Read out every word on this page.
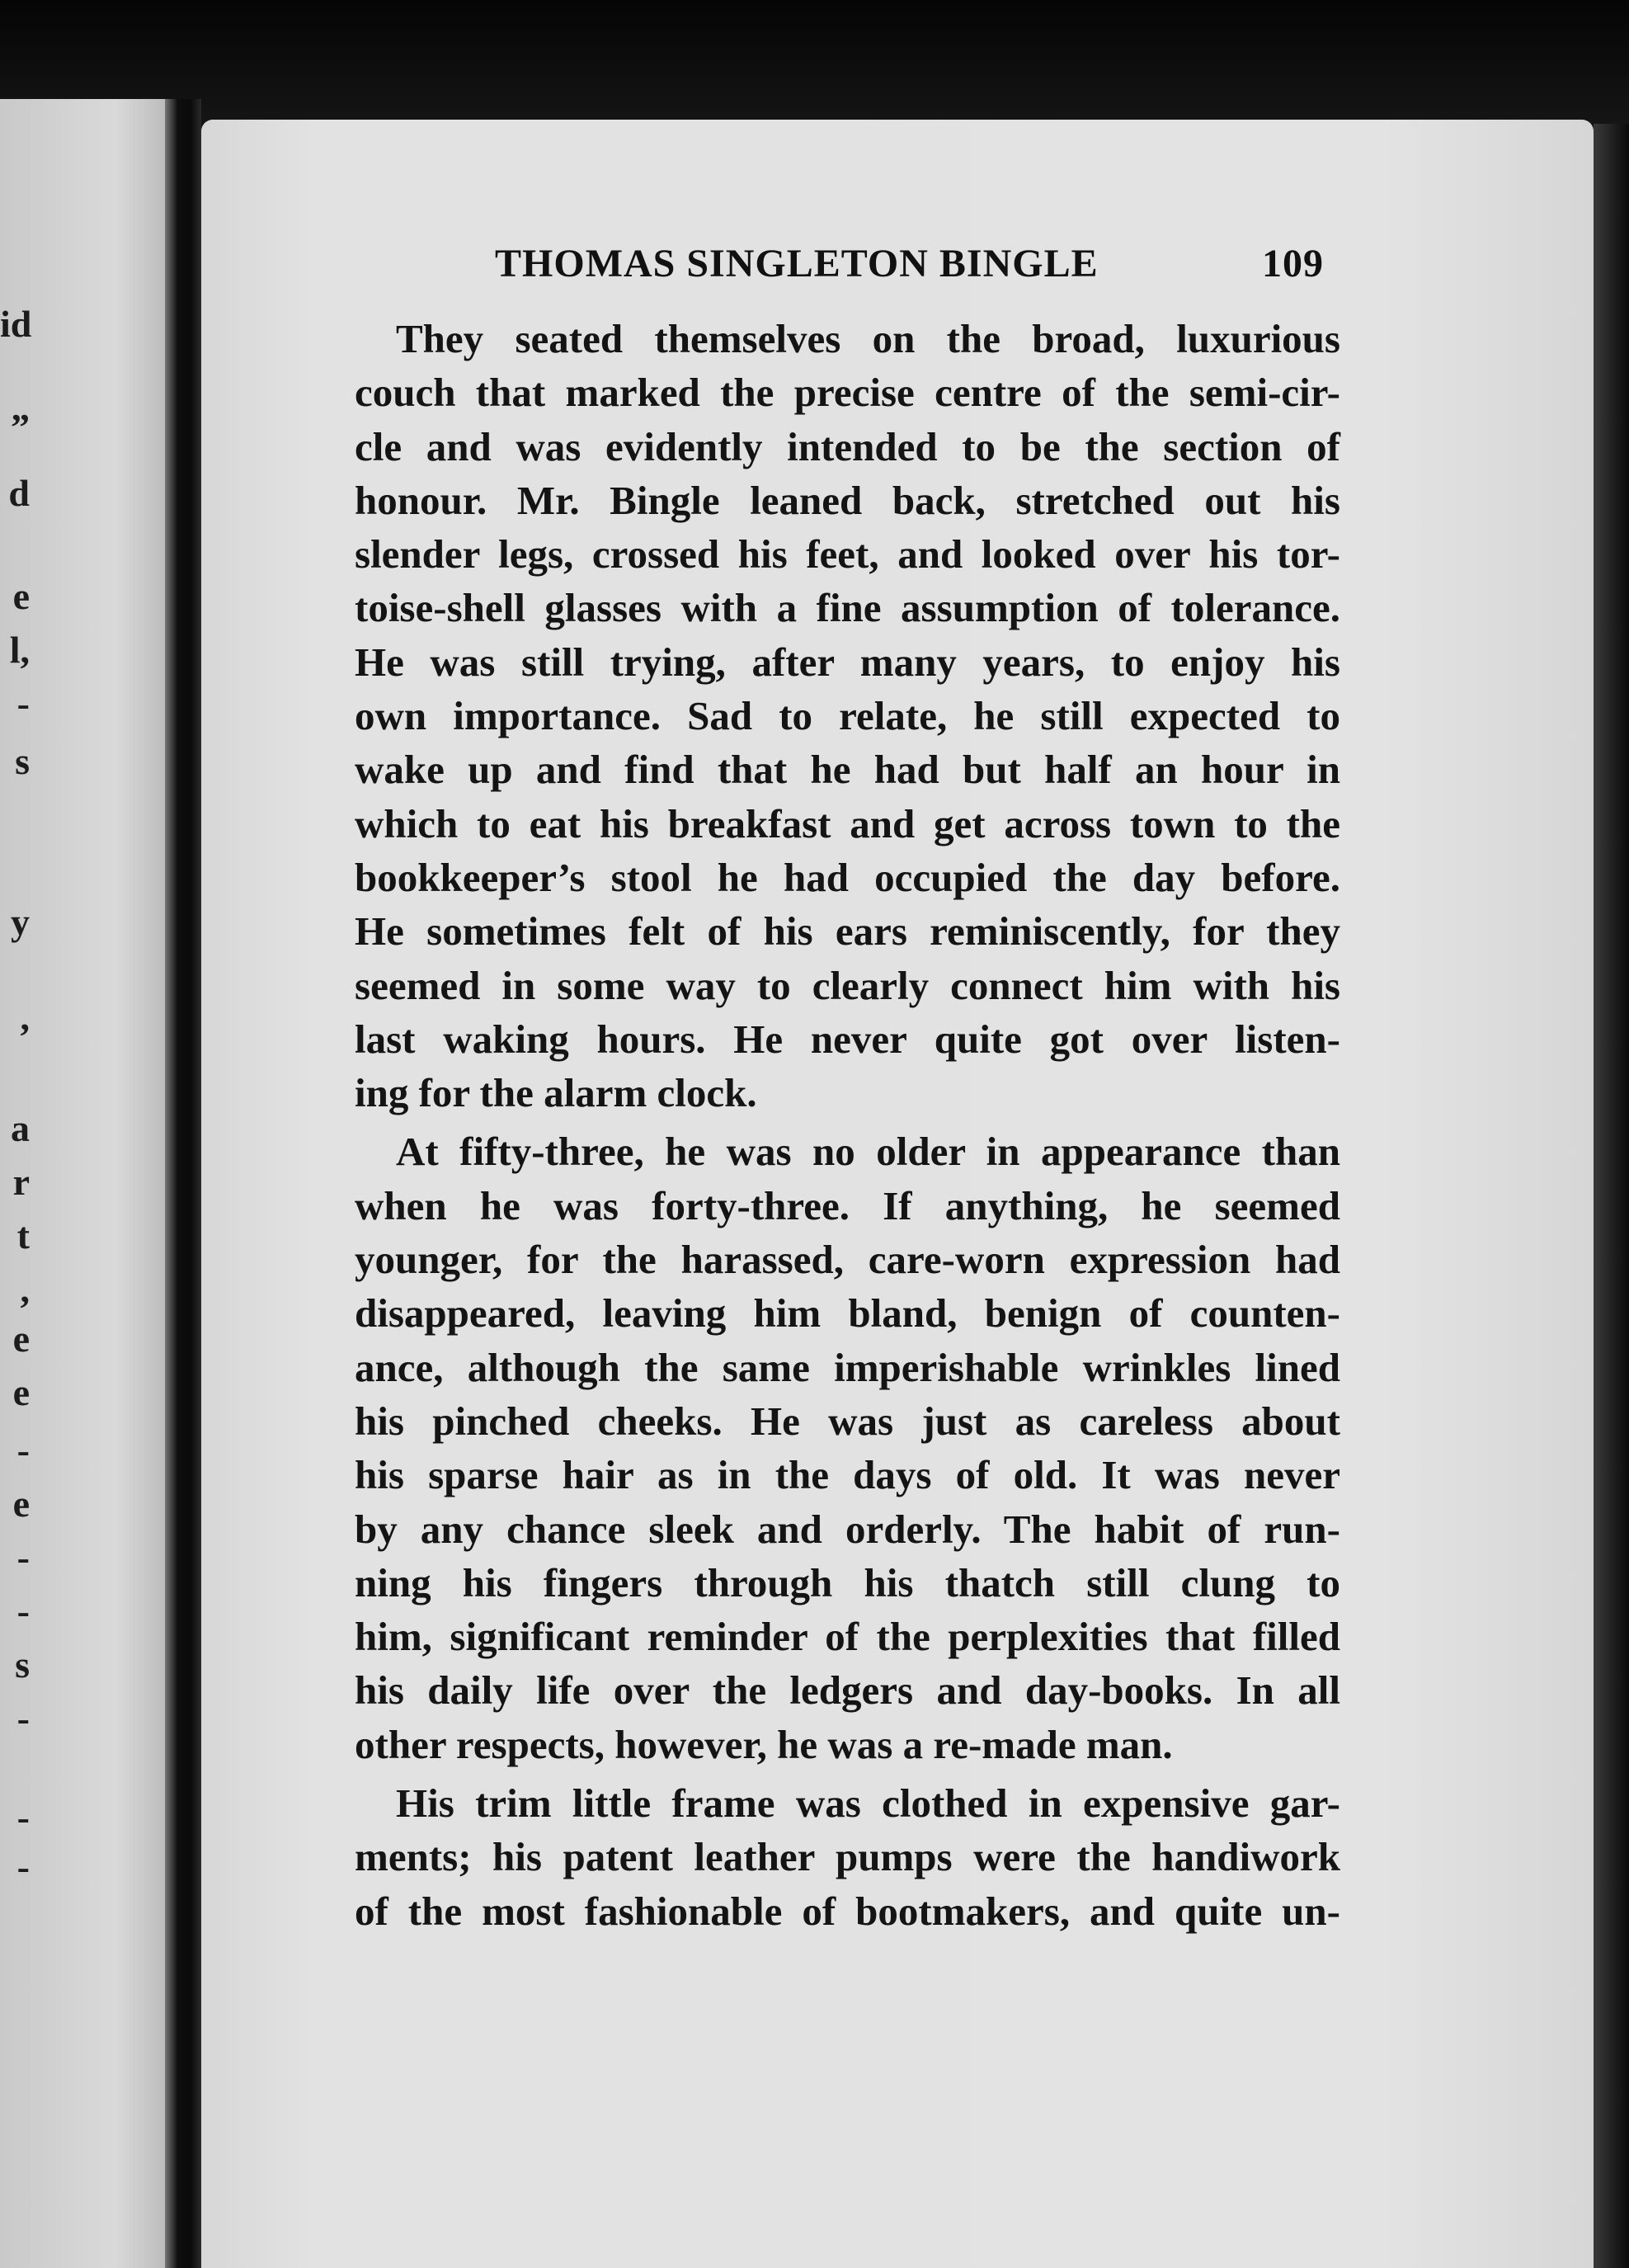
id
”
d
e
l,
-
s
y
,
a
r
t
,
e
e
-
e
-
-
s
-
-
-
THOMAS SINGLETON BINGLE	109
They seated themselves on the broad, luxurious
couch that marked the precise centre of the semi-cir-
cle and was evidently intended to be the section of
honour. Mr. Bingle leaned back, stretched out his
slender legs, crossed his feet, and looked over his tor-
toise-shell glasses with a fine assumption of tolerance.
He was still trying, after many years, to enjoy his
own importance. Sad to relate, he still expected to
wake up and find that he had but half an hour in
which to eat his breakfast and get across town to the
bookkeeper’s stool he had occupied the day before.
He sometimes felt of his ears reminiscently, for they
seemed in some way to clearly connect him with his
last waking hours. He never quite got over listen-
ing for the alarm clock.
At fifty-three, he was no older in appearance than
when he was forty-three. If anything, he seemed
younger, for the harassed, care-worn expression had
disappeared, leaving him bland, benign of counten-
ance, although the same imperishable wrinkles lined
his pinched cheeks. He was just as careless about
his sparse hair as in the days of old. It was never
by any chance sleek and orderly. The habit of run-
ning his fingers through his thatch still clung to
him, significant reminder of the perplexities that filled
his daily life over the ledgers and day-books. In all
other respects, however, he was a re-made man.
His trim little frame was clothed in expensive gar-
ments; his patent leather pumps were the handiwork
of the most fashionable of bootmakers, and quite un-
